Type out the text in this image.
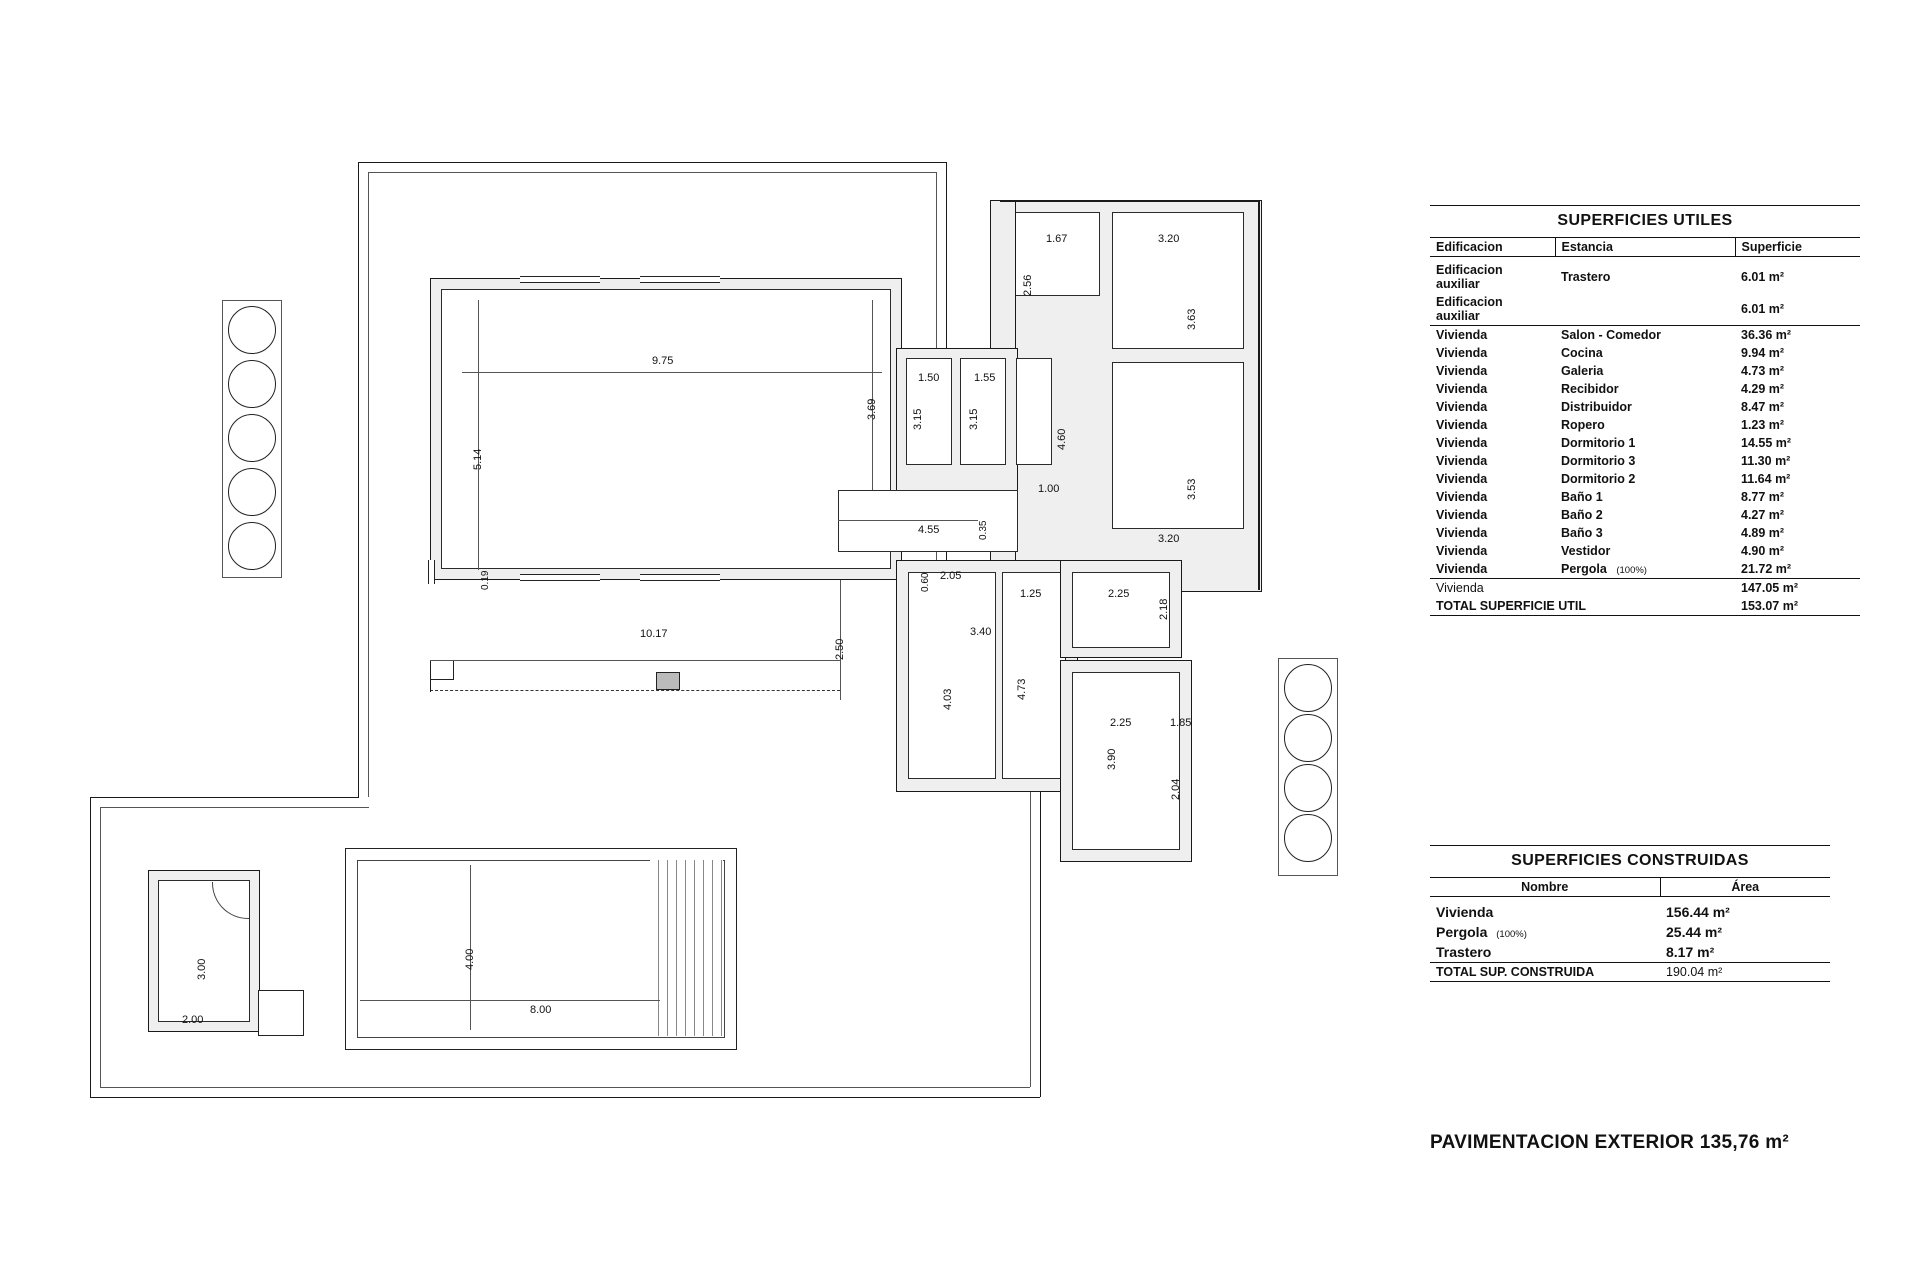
9.75
5.14
3.69
0.19
10.17
2.50
1.67
2.56
3.20
3.63
3.53
3.20
1.50	1.55
3.15	3.15
4.60
1.00
4.55	0.35
0.60 2.05
1.25	2.25
2.18
3.40
4.03	4.73
2.25	1.85
3.90
2.04
8.00
4.00
3.00
2.00
SUPERFICIES UTILES
Edificacion	Estancia	Superficie
Edificacion auxiliar	Trastero	6.01 m²
Edificacion auxiliar		6.01 m²
Vivienda	Salon - Comedor	36.36 m²
Vivienda	Cocina	9.94 m²
Vivienda	Galeria	4.73 m²
Vivienda	Recibidor	4.29 m²
Vivienda	Distribuidor	8.47 m²
Vivienda	Ropero	1.23 m²
Vivienda	Dormitorio 1	14.55 m²
Vivienda	Dormitorio 3	11.30 m²
Vivienda	Dormitorio 2	11.64 m²
Vivienda	Baño 1	8.77 m²
Vivienda	Baño 2	4.27 m²
Vivienda	Baño 3	4.89 m²
Vivienda	Vestidor	4.90 m²
Vivienda	Pergola (100%)	21.72 m²
Vivienda		147.05 m²
TOTAL SUPERFICIE UTIL		153.07 m²
SUPERFICIES CONSTRUIDAS
Nombre	Área
Vivienda	156.44 m²
Pergola (100%)	25.44 m²
Trastero	8.17 m²
TOTAL SUP. CONSTRUIDA	190.04 m²
PAVIMENTACION EXTERIOR 135,76 m²
